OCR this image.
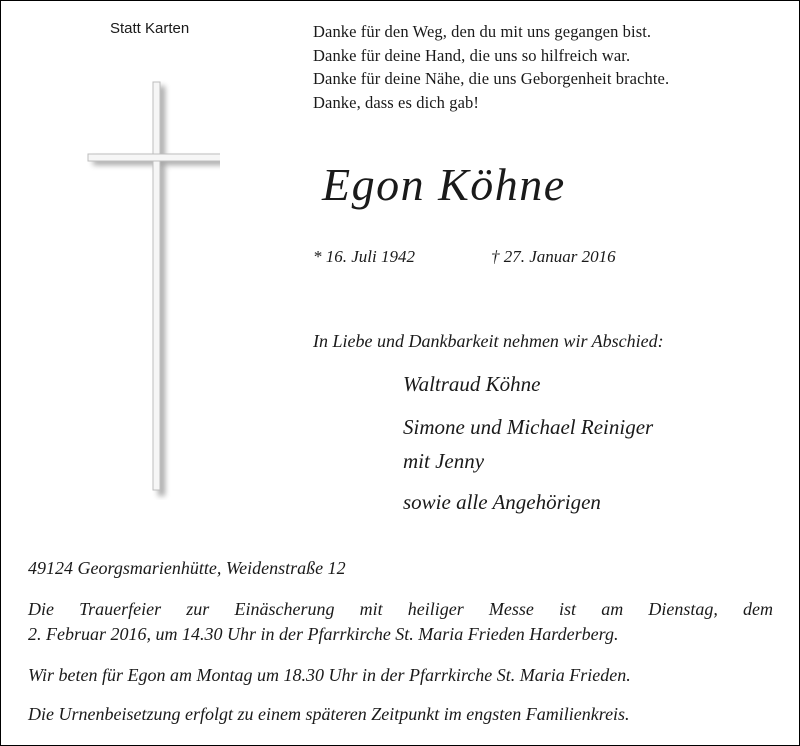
Statt Karten	Danke für den Weg, den du mit uns gegangen bist.
Danke für deine Hand, die uns so hilfreich war.
Danke für deine Nähe, die uns Geborgenheit brachte.
Danke, dass es dich gab!
Egon Köhne
* 16. Juli 1942	† 27. Januar 2016
In Liebe und Dankbarkeit nehmen wir Abschied:
Waltraud Köhne
Simone und Michael Reiniger
mit Jenny
sowie alle Angehörigen
49124 Georgsmarienhütte, Weidenstraße 12
Die Trauerfeier zur Einäscherung mit heiliger Messe ist am Dienstag, dem
2. Februar 2016, um 14.30 Uhr in der Pfarrkirche St. Maria Frieden Harderberg.
Wir beten für Egon am Montag um 18.30 Uhr in der Pfarrkirche St. Maria Frieden.
Die Urnenbeisetzung erfolgt zu einem späteren Zeitpunkt im engsten Familienkreis.
